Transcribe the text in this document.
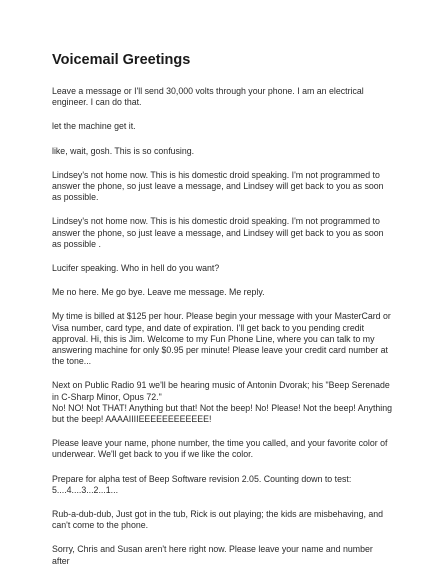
Voicemail Greetings

Leave a message or I'll send 30,000 volts through your phone. I am an electrical
engineer. I can do that.

let the machine get it.

like, wait, gosh. This is so confusing.

Lindsey's not home now. This is his domestic droid speaking. I'm not programmed to
answer the phone, so just leave a message, and Lindsey will get back to you as soon
as possible.

Lindsey's not home now. This is his domestic droid speaking. I'm not programmed to
answer the phone, so just leave a message, and Lindsey will get back to you as soon
as possible .

Lucifer speaking. Who in hell do you want?

Me no here. Me go bye. Leave me message. Me reply.

My time is billed at $125 per hour. Please begin your message with your MasterCard or
Visa number, card type, and date of expiration. I'll get back to you pending credit
approval. Hi, this is Jim. Welcome to my Fun Phone Line, where you can talk to my
answering machine for only $0.95 per minute! Please leave your credit card number at
the tone...

Next on Public Radio 91 we'll be hearing music of Antonin Dvorak; his "Beep Serenade
in C-Sharp Minor, Opus 72."
No! NO! Not THAT! Anything but that! Not the beep! No! Please! Not the beep! Anything
but the beep! AAAAIIIIEEEEEEEEEEEE!

Please leave your name, phone number, the time you called, and your favorite color of
underwear. We'll get back to you if we like the color.

Prepare for alpha test of Beep Software revision 2.05. Counting down to test:
5....4....3...2...1...

Rub-a-dub-dub, Just got in the tub, Rick is out playing; the kids are misbehaving, and
can't come to the phone.

Sorry, Chris and Susan aren't here right now. Please leave your name and number after
